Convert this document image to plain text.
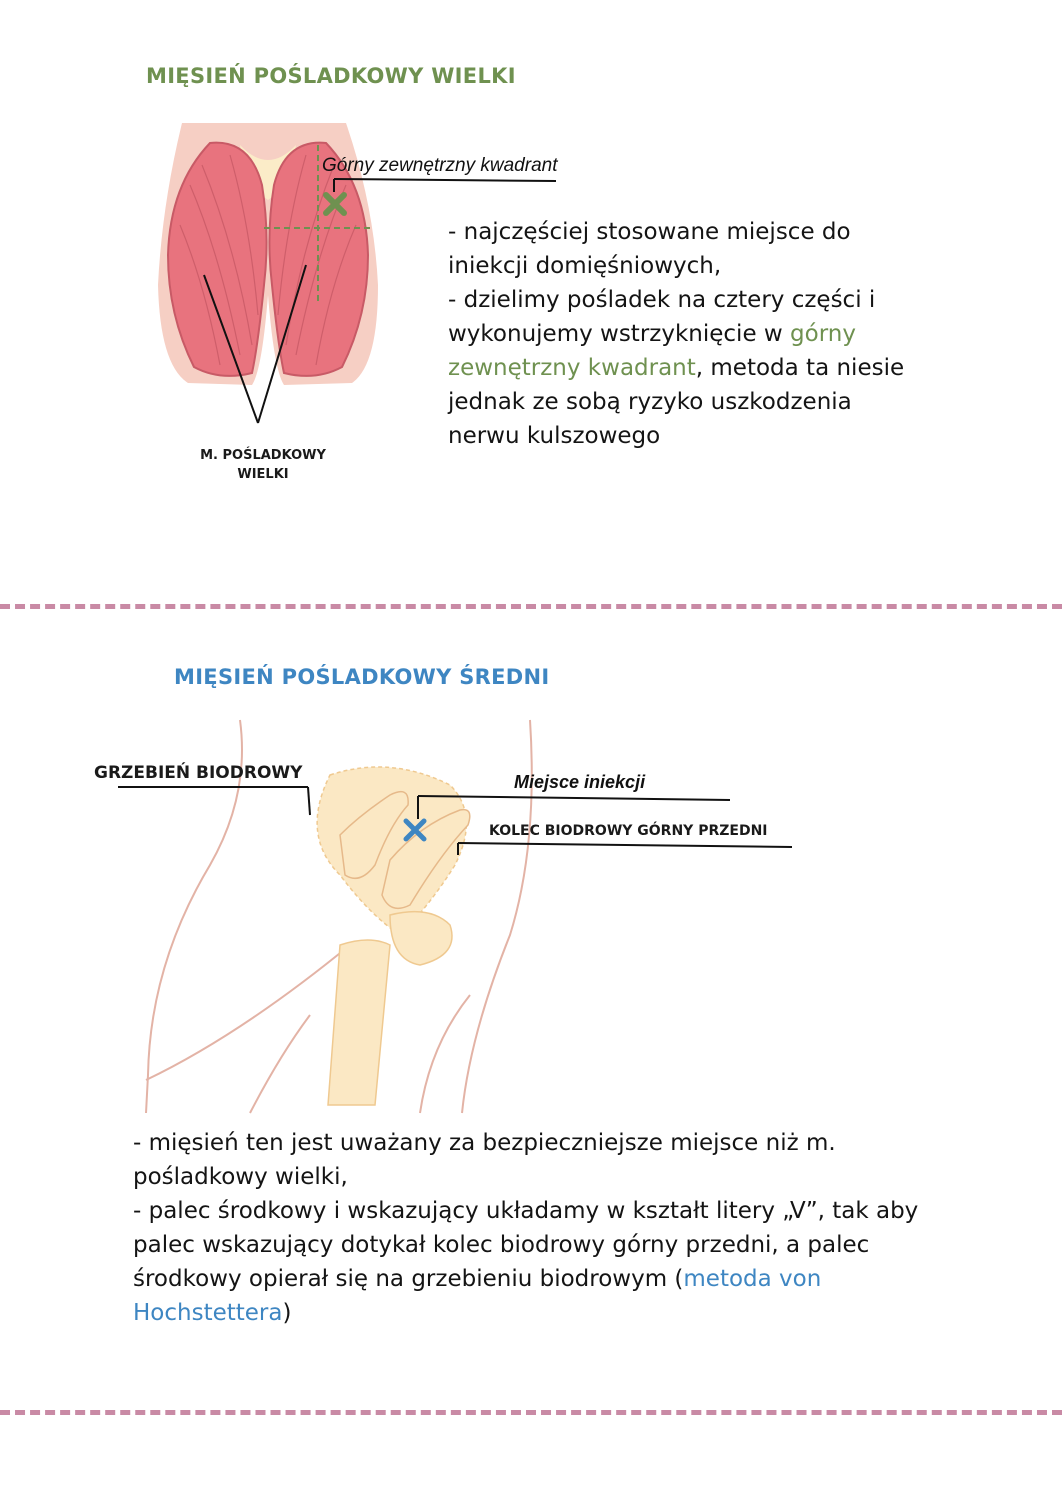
MIĘSIEŃ POŚLADKOWY WIELKI
Górny zewnętrzny kwadrant
M. POŚLADKOWY
WIELKI
- najczęściej stosowane miejsce do iniekcji domięśniowych,
- dzielimy pośladek na cztery części i wykonujemy wstrzyknięcie w górny zewnętrzny kwadrant, metoda ta niesie jednak ze sobą ryzyko uszkodzenia nerwu kulszowego
MIĘSIEŃ POŚLADKOWY ŚREDNI
GRZEBIEŃ BIODROWY	Miejsce iniekcji
KOLEC BIODROWY GÓRNY PRZEDNI
- mięsień ten jest uważany za bezpieczniejsze miejsce niż m. pośladkowy wielki,
- palec środkowy i wskazujący układamy w kształt litery „V”, tak aby palec wskazujący dotykał kolec biodrowy górny przedni, a palec środkowy opierał się na grzebieniu biodrowym (metoda von Hochstettera)
